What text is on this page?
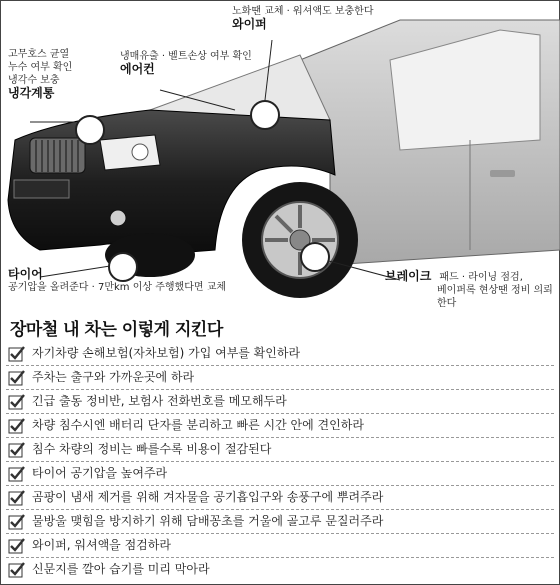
노화땐 교체 · 워셔액도 보충한다
와이퍼
냉매유출 · 벨트손상 여부 확인
에어컨
고무호스 균열
누수 여부 확인
냉각수 보충
냉각계통
타이어
공기압을 올려준다 · 7만km 이상 주행했다면 교체
브레이크 패드 · 라이닝 점검,
베이퍼록 현상땐 정비 의뢰한다
장마철 내 차는 이렇게 지킨다
자기차량 손해보험(자차보험) 가입 여부를 확인하라
주차는 출구와 가까운곳에 하라
긴급 출동 정비반, 보험사 전화번호를 메모해두라
차량 침수시엔 배터리 단자를 분리하고 빠른 시간 안에 견인하라
침수 차량의 정비는 빠를수록 비용이 절감된다
타이어 공기압을 높여주라
곰팡이 냄새 제거를 위해 겨자물을 공기흡입구와 송풍구에 뿌려주라
물방울 맺힘을 방지하기 위해 담배꽁초를 거울에 골고루 문질러주라
와이퍼, 워셔액을 점검하라
신문지를 깔아 습기를 미리 막아라
